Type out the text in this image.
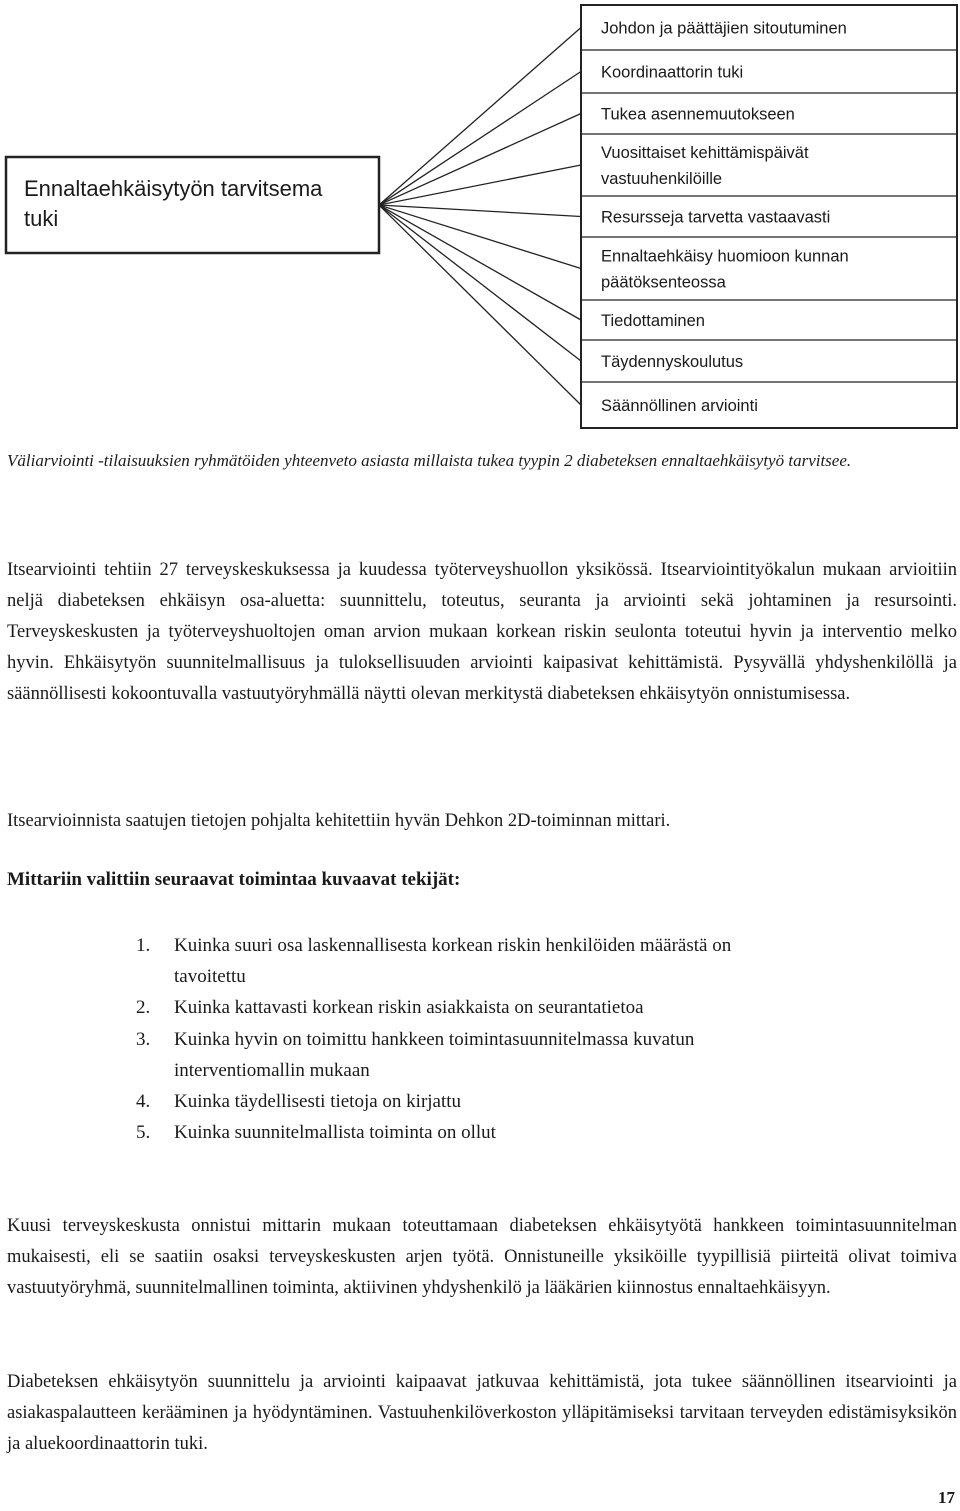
Ennaltaehkäisytyön tarvitsema tuki
Johdon ja päättäjien sitoutuminen
Koordinaattorin tuki
Tukea asennemuutokseen
Vuosittaiset kehittämispäivät vastuuhenkilöille
Resursseja tarvetta vastaavasti
Ennaltaehkäisy huomioon kunnan päätöksenteossa
Tiedottaminen
Täydennyskoulutus
Säännöllinen arviointi

Väliarviointi -tilaisuuksien ryhmätöiden yhteenveto asiasta millaista tukea tyypin 2 diabeteksen ennaltaehkäisytyö tarvitsee.

Itsearviointi tehtiin 27 terveyskeskuksessa ja kuudessa työterveyshuollon yksikössä. Itsearviointityökalun mukaan arvioitiin neljä diabeteksen ehkäisyn osa-aluetta: suunnittelu, toteutus, seuranta ja arviointi sekä johtaminen ja resursointi. Terveyskeskusten ja työterveyshuoltojen oman arvion mukaan korkean riskin seulonta toteutui hyvin ja interventio melko hyvin. Ehkäisytyön suunnitelmallisuus ja tuloksellisuuden arviointi kaipasivat kehittämistä. Pysyvällä yhdyshenkilöllä ja säännöllisesti kokoontuvalla vastuutyöryhmällä näytti olevan merkitystä diabeteksen ehkäisytyön onnistumisessa.

Itsearvioinnista saatujen tietojen pohjalta kehitettiin hyvän Dehkon 2D-toiminnan mittari.

Mittariin valittiin seuraavat toimintaa kuvaavat tekijät:

1. Kuinka suuri osa laskennallisesta korkean riskin henkilöiden määrästä on tavoitettu
2. Kuinka kattavasti korkean riskin asiakkaista on seurantatietoa
3. Kuinka hyvin on toimittu hankkeen toimintasuunnitelmassa kuvatun interventiomallin mukaan
4. Kuinka täydellisesti tietoja on kirjattu
5. Kuinka suunnitelmallista toiminta on ollut

Kuusi terveyskeskusta onnistui mittarin mukaan toteuttamaan diabeteksen ehkäisytyötä hankkeen toimintasuunnitelman mukaisesti, eli se saatiin osaksi terveyskeskusten arjen työtä. Onnistuneille yksiköille tyypillisiä piirteitä olivat toimiva vastuutyöryhmä, suunnitelmallinen toiminta, aktiivinen yhdyshenkilö ja lääkärien kiinnostus ennaltaehkäisyyn.

Diabeteksen ehkäisytyön suunnittelu ja arviointi kaipaavat jatkuvaa kehittämistä, jota tukee säännöllinen itsearviointi ja asiakaspalautteen kerääminen ja hyödyntäminen. Vastuuhenkilöverkoston ylläpitämiseksi tarvitaan terveyden edistämisyksikön ja aluekoordinaattorin tuki.

17
